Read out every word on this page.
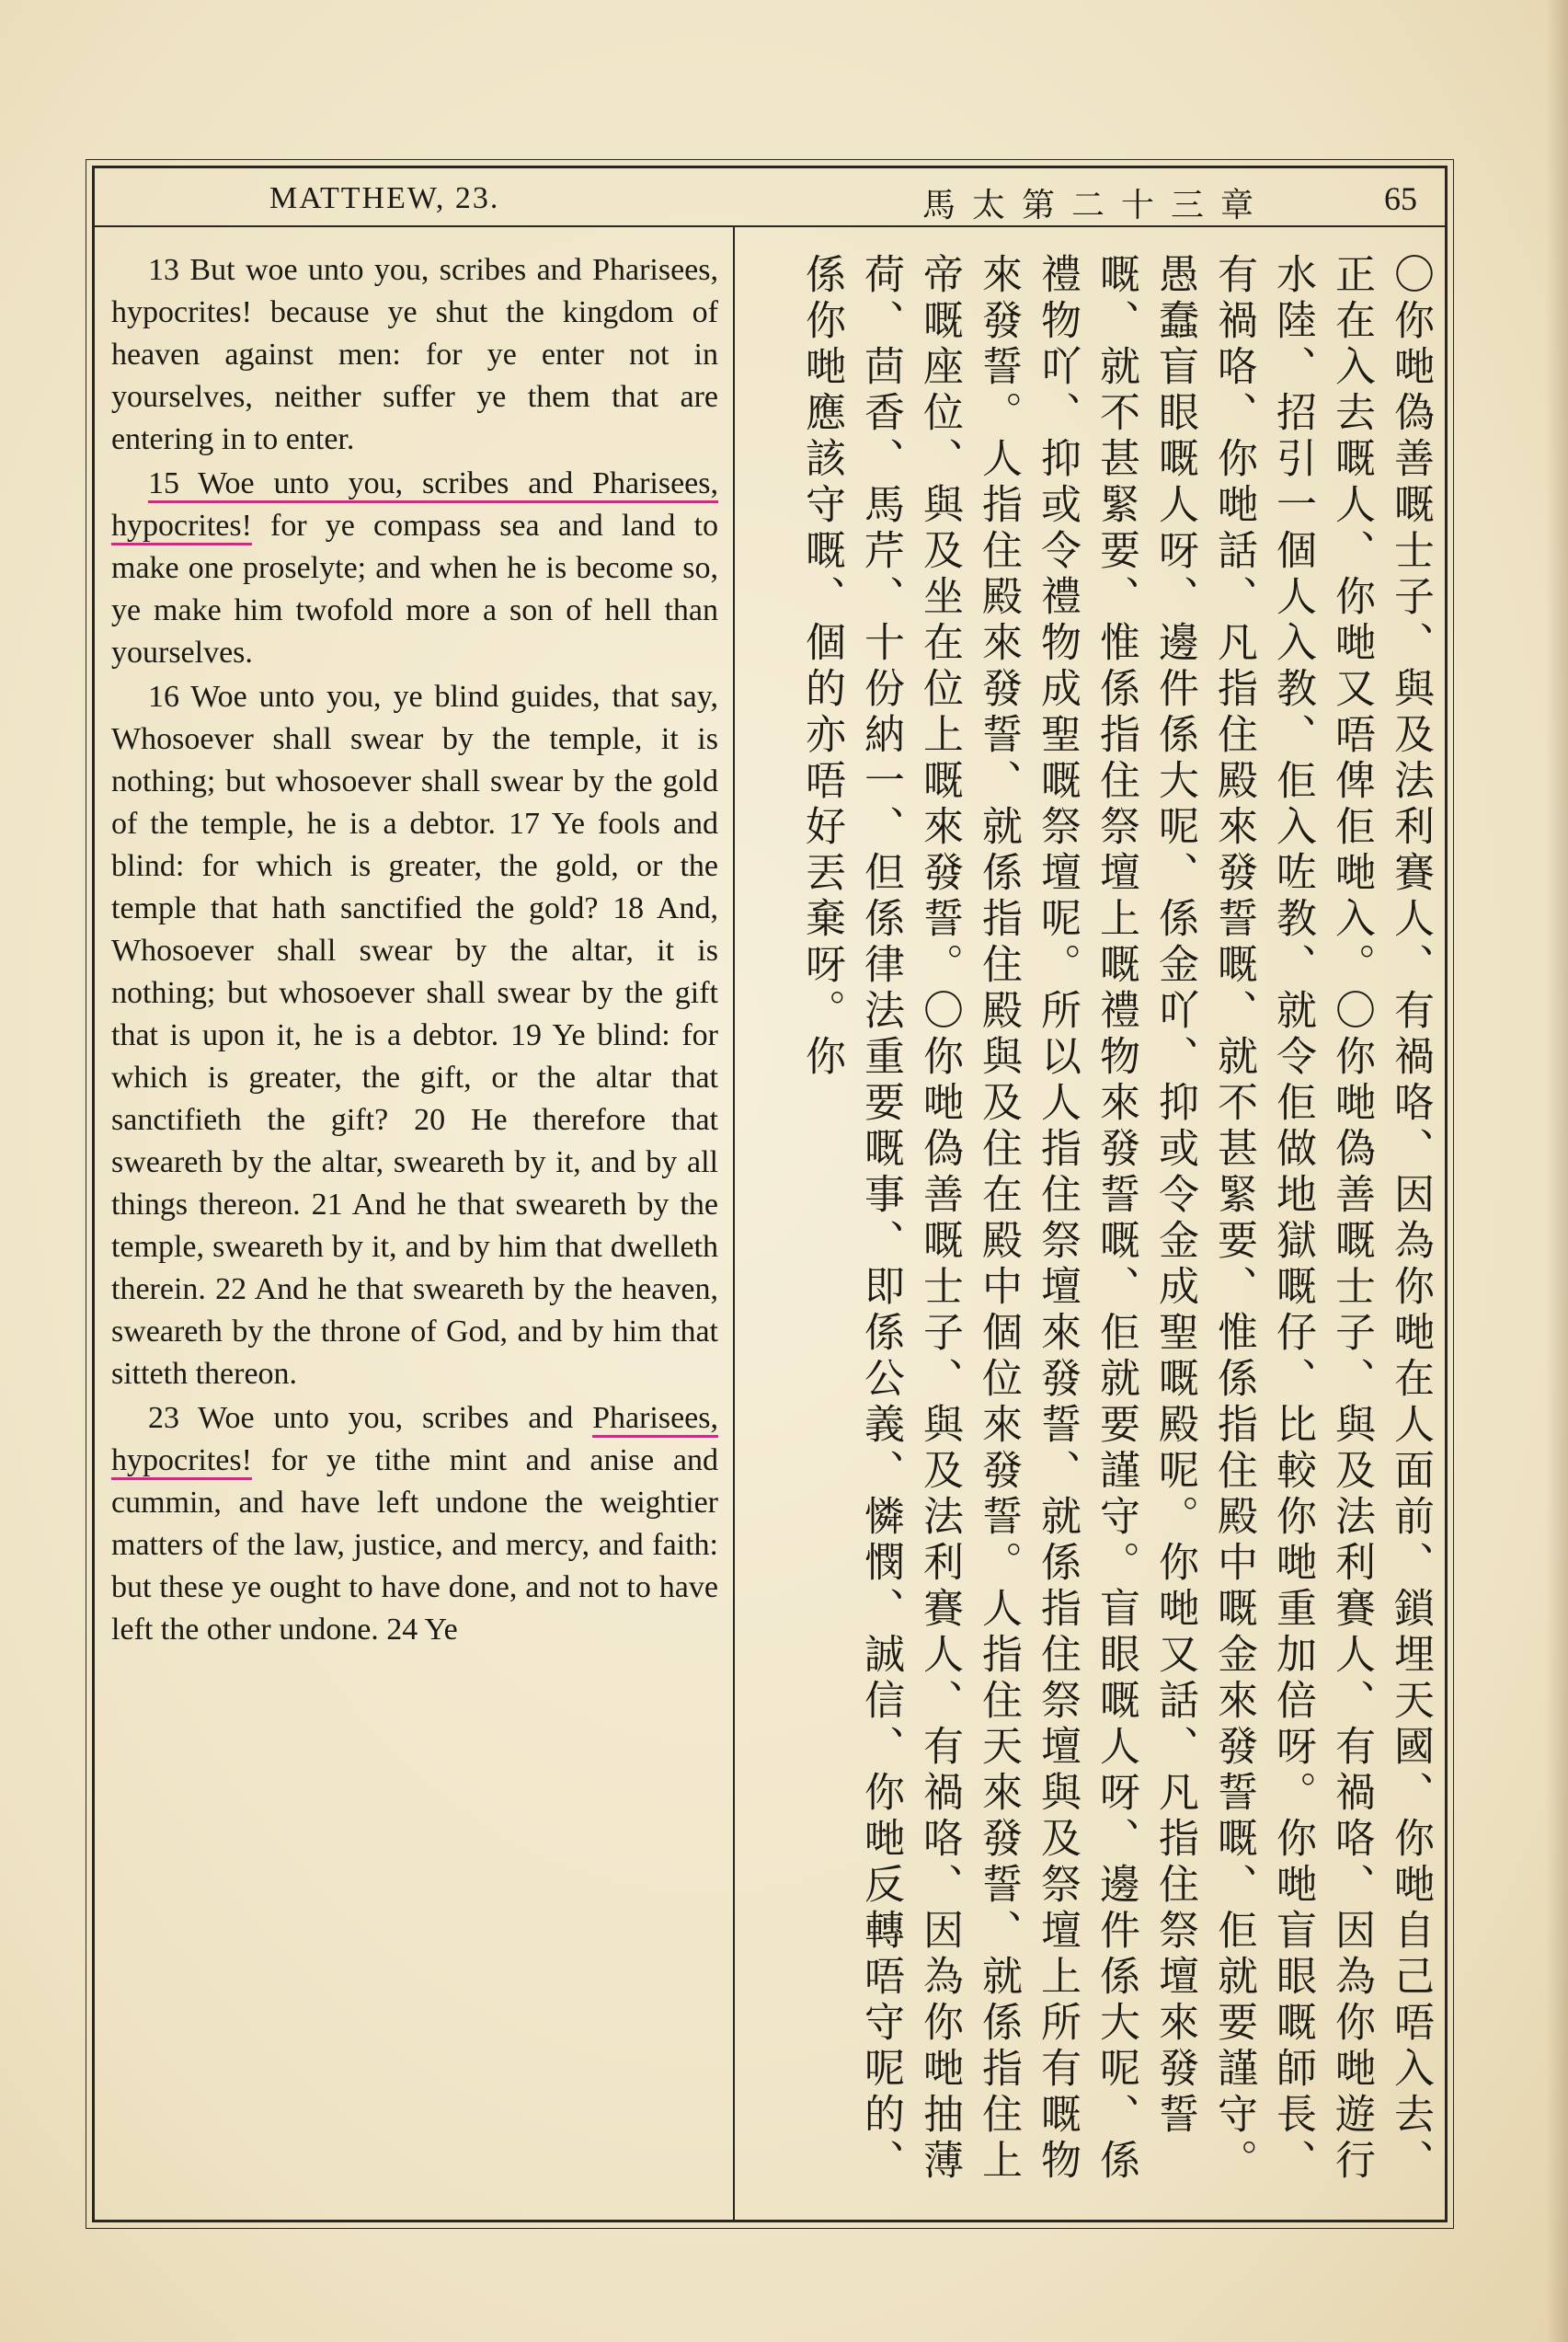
MATTHEW, 23.	馬太第二十三章	65

13 But woe unto you, scribes and Pharisees, hypocrites! because ye shut the kingdom of heaven against men: for ye enter not in yourselves, neither suffer ye them that are entering in to enter.

15 Woe unto you, scribes and Pharisees, hypocrites! for ye compass sea and land to make one proselyte; and when he is become so, ye make him twofold more a son of hell than yourselves.

16 Woe unto you, ye blind guides, that say, Whosoever shall swear by the temple, it is nothing; but whosoever shall swear by the gold of the temple, he is a debtor. 17 Ye fools and blind: for which is greater, the gold, or the temple that hath sanctified the gold? 18 And, Whosoever shall swear by the altar, it is nothing; but whosoever shall swear by the gift that is upon it, he is a debtor. 19 Ye blind: for which is greater, the gift, or the altar that sanctifieth the gift? 20 He therefore that sweareth by the altar, sweareth by it, and by all things thereon. 21 And he that sweareth by the temple, sweareth by it, and by him that dwelleth therein. 22 And he that sweareth by the heaven, sweareth by the throne of God, and by him that sitteth thereon.

23 Woe unto you, scribes and Pharisees, hypocrites! for ye tithe mint and anise and cummin, and have left undone the weightier matters of the law, justice, and mercy, and faith: but these ye ought to have done, and not to have left the other undone. 24 Ye	〇你哋偽善嘅士子、與及法利賽人、有禍咯、因為你哋在人面前、鎖埋天國、你哋自己唔入去、正在入去嘅人、你哋又唔俾佢哋入。〇你哋偽善嘅士子、與及法利賽人、有禍咯、因為你哋遊行水陸、招引一個人入教、佢入咗教、就令佢做地獄嘅仔、比較你哋重加倍呀。你哋盲眼嘅師長、有禍咯、你哋話、凡指住殿來發誓嘅、就不甚緊要、惟係指住殿中嘅金來發誓嘅、佢就要謹守。愚蠢盲眼嘅人呀、邊件係大呢、係金吖、抑或令金成聖嘅殿呢。你哋又話、凡指住祭壇來發誓嘅、就不甚緊要、惟係指住祭壇上嘅禮物來發誓嘅、佢就要謹守。盲眼嘅人呀、邊件係大呢、係禮物吖、抑或令禮物成聖嘅祭壇呢。所以人指住祭壇來發誓、就係指住祭壇與及祭壇上所有嘅物來發誓。人指住殿來發誓、就係指住殿與及住在殿中個位來發誓。人指住天來發誓、就係指住上帝嘅座位、與及坐在位上嘅來發誓。〇你哋偽善嘅士子、與及法利賽人、有禍咯、因為你哋抽薄荷、茴香、馬芹、十份納一、但係律法重要嘅事、即係公義、憐憫、誠信、你哋反轉唔守呢的、係你哋應該守嘅、個的亦唔好丟棄呀。你
